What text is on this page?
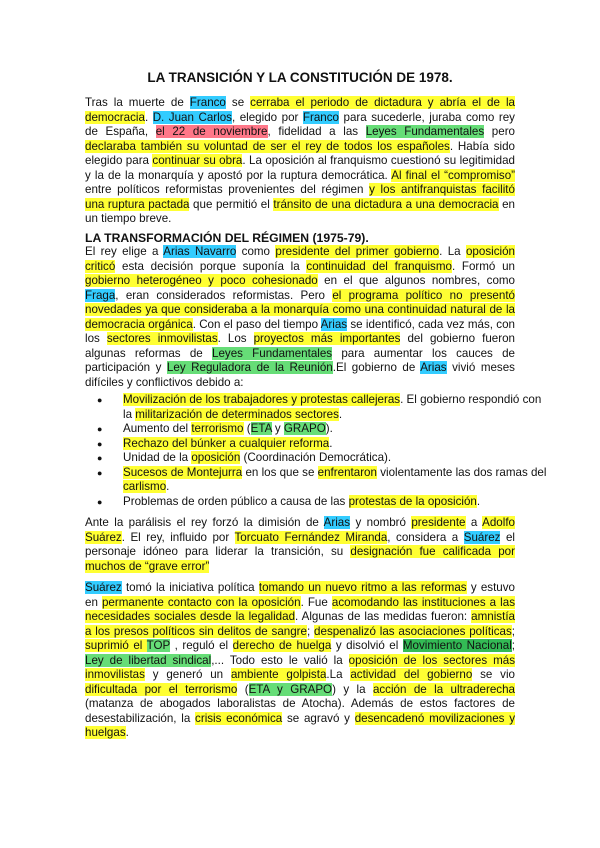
LA TRANSICIÓN Y LA CONSTITUCIÓN DE 1978.
Tras la muerte de Franco se cerraba el periodo de dictadura y abría el de la democracia. D. Juan Carlos, elegido por Franco para sucederle, juraba como rey de España, el 22 de noviembre, fidelidad a las Leyes Fundamentales pero declaraba también su voluntad de ser el rey de todos los españoles. Había sido elegido para continuar su obra. La oposición al franquismo cuestionó su legitimidad y la de la monarquía y apostó por la ruptura democrática. Al final el “compromiso” entre políticos reformistas provenientes del régimen y los antifranquistas facilitó una ruptura pactada que permitió el tránsito de una dictadura a una democracia en un tiempo breve.
LA TRANSFORMACIÓN DEL RÉGIMEN (1975-79).
El rey elige a Arias Navarro como presidente del primer gobierno. La oposición criticó esta decisión porque suponía la continuidad del franquismo. Formó un gobierno heterogéneo y poco cohesionado en el que algunos nombres, como Fraga, eran considerados reformistas. Pero el programa político no presentó novedades ya que consideraba a la monarquía como una continuidad natural de la democracia orgánica. Con el paso del tiempo Arias se identificó, cada vez más, con los sectores inmovilistas. Los proyectos más importantes del gobierno fueron algunas reformas de Leyes Fundamentales para aumentar los cauces de participación y Ley Reguladora de la Reunión.El gobierno de Arias vivió meses difíciles y conflictivos debido a:
● Movilización de los trabajadores y protestas callejeras. El gobierno respondió con la militarización de determinados sectores.
● Aumento del terrorismo (ETA y GRAPO).
● Rechazo del búnker a cualquier reforma.
● Unidad de la oposición (Coordinación Democrática).
● Sucesos de Montejurra en los que se enfrentaron violentamente las dos ramas del carlismo.
● Problemas de orden público a causa de las protestas de la oposición.
Ante la parálisis el rey forzó la dimisión de Arias y nombró presidente a Adolfo Suárez. El rey, influido por Torcuato Fernández Miranda, considera a Suárez el personaje idóneo para liderar la transición, su designación fue calificada por muchos de “grave error”
Suárez tomó la iniciativa política tomando un nuevo ritmo a las reformas y estuvo en permanente contacto con la oposición. Fue acomodando las instituciones a las necesidades sociales desde la legalidad. Algunas de las medidas fueron: amnistía a los presos políticos sin delitos de sangre; despenalizó las asociaciones políticas; suprimió el TOP , reguló el derecho de huelga y disolvió el Movimiento Nacional; Ley de libertad sindical,... Todo esto le valió la oposición de los sectores más inmovilistas y generó un ambiente golpista.La actividad del gobierno se vio dificultada por el terrorismo (ETA y GRAPO) y la acción de la ultraderecha (matanza de abogados laboralistas de Atocha). Además de estos factores de desestabilización, la crisis económica se agravó y desencadenó movilizaciones y huelgas.
